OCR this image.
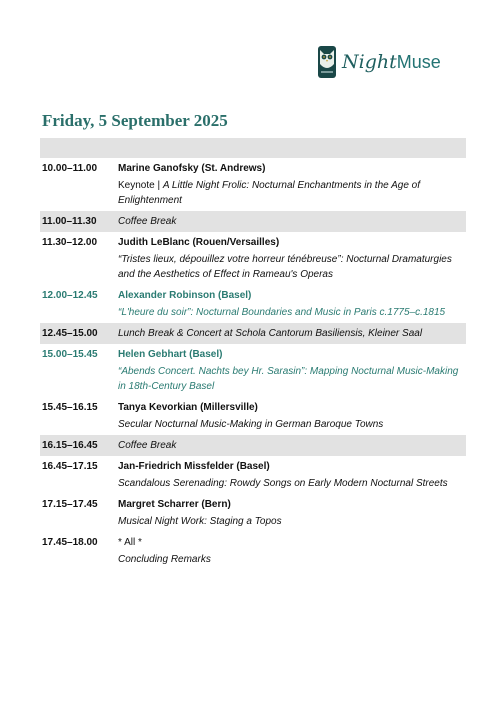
Night Muse
Friday, 5 September 2025
10.00–11.00	Marine Ganofsky (St. Andrews)
Keynote | A Little Night Frolic: Nocturnal Enchantments in the Age of Enlightenment
11.00–11.30	Coffee Break
11.30–12.00	Judith LeBlanc (Rouen/Versailles)
“Tristes lieux, dépouillez votre horreur ténébreuse”: Nocturnal Dramaturgies and the Aesthetics of Effect in Rameau's Operas
12.00–12.45	Alexander Robinson (Basel)
“L'heure du soir”: Nocturnal Boundaries and Music in Paris c.1775–c.1815
12.45–15.00	Lunch Break & Concert at Schola Cantorum Basiliensis, Kleiner Saal
15.00–15.45	Helen Gebhart (Basel)
“Abends Concert. Nachts bey Hr. Sarasin”: Mapping Nocturnal Music-Making in 18th-Century Basel
15.45–16.15	Tanya Kevorkian (Millersville)
Secular Nocturnal Music-Making in German Baroque Towns
16.15–16.45	Coffee Break
16.45–17.15	Jan-Friedrich Missfelder (Basel)
Scandalous Serenading: Rowdy Songs on Early Modern Nocturnal Streets
17.15–17.45	Margret Scharrer (Bern)
Musical Night Work: Staging a Topos
17.45–18.00	* All *
Concluding Remarks
